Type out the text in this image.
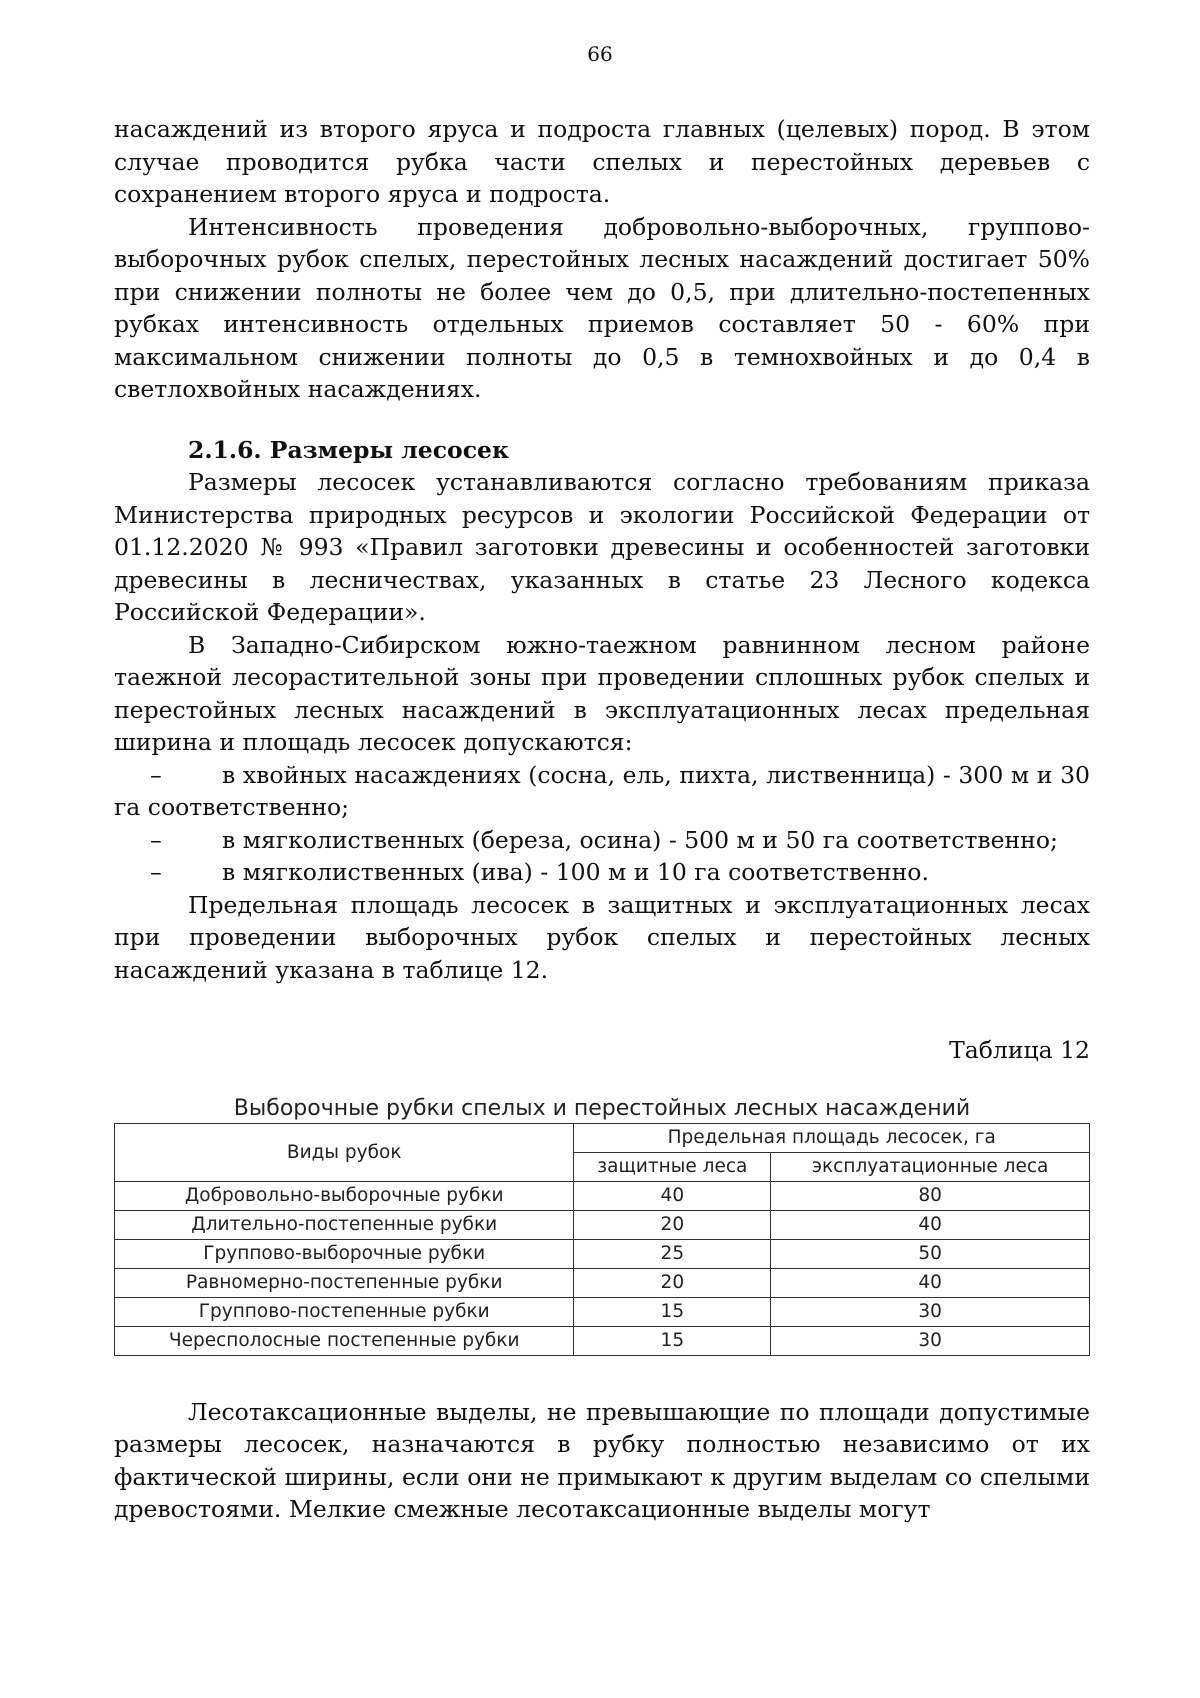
66

насаждений из второго яруса и подроста главных (целевых) пород. В этом случае проводится рубка части спелых и перестойных деревьев с сохранением второго яруса и подроста.

Интенсивность проведения добровольно-выборочных, группово-выборочных рубок спелых, перестойных лесных насаждений достигает 50% при снижении полноты не более чем до 0,5, при длительно-постепенных рубках интенсивность отдельных приемов составляет 50 - 60% при максимальном снижении полноты до 0,5 в темнохвойных и до 0,4 в светлохвойных насаждениях.

2.1.6. Размеры лесосек

Размеры лесосек устанавливаются согласно требованиям приказа Министерства природных ресурсов и экологии Российской Федерации от 01.12.2020 № 993 «Правил заготовки древесины и особенностей заготовки древесины в лесничествах, указанных в статье 23 Лесного кодекса Российской Федерации».

В Западно-Сибирском южно-таежном равнинном лесном районе таежной лесорастительной зоны при проведении сплошных рубок спелых и перестойных лесных насаждений в эксплуатационных лесах предельная ширина и площадь лесосек допускаются:

–	в хвойных насаждениях (сосна, ель, пихта, лиственница) - 300 м и 30 га соответственно;

–	в мягколиственных (береза, осина) - 500 м и 50 га соответственно;

–	в мягколиственных (ива) - 100 м и 10 га соответственно.

Предельная площадь лесосек в защитных и эксплуатационных лесах при проведении выборочных рубок спелых и перестойных лесных насаждений указана в таблице 12.

Таблица 12

Выборочные рубки спелых и перестойных лесных насаждений
Виды рубок	Предельная площадь лесосек, га	
	защитные леса	эксплуатационные леса
Добровольно-выборочные рубки	40	80
Длительно-постепенные рубки	20	40
Группово-выборочные рубки	25	50
Равномерно-постепенные рубки	20	40
Группово-постепенные рубки	15	30
Чересполосные постепенные рубки	15	30

Лесотаксационные выделы, не превышающие по площади допустимые размеры лесосек, назначаются в рубку полностью независимо от их фактической ширины, если они не примыкают к другим выделам со спелыми древостоями. Мелкие смежные лесотаксационные выделы могут
